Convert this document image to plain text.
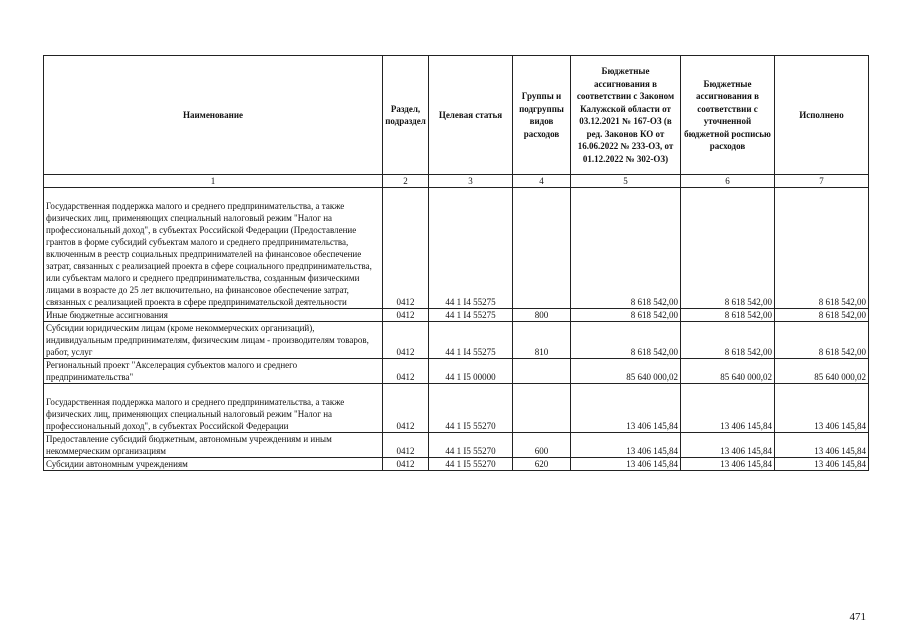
Наименование	Раздел, подраздел	Целевая статья	Группы и подгруппы видов расходов	Бюджетные ассигнования в соответствии с Законом Калужской области от 03.12.2021 № 167-ОЗ (в ред. Законов КО от 16.06.2022 № 233-ОЗ, от 01.12.2022 № 302-ОЗ)	Бюджетные ассигнования в соответствии с уточненной бюджетной росписью расходов	Исполнено
1	2	3	4	5	6	7

Государственная поддержка малого и среднего предпринимательства, а также физических лиц, применяющих специальный налоговый режим "Налог на профессиональный доход", в субъектах Российской Федерации (Предоставление грантов в форме субсидий субъектам малого и среднего предпринимательства, включенным в реестр социальных предпринимателей на финансовое обеспечение затрат, связанных с реализацией проекта в сфере социального предпринимательства, или субъектам малого и среднего предпринимательства, созданным физическими лицами в возрасте до 25 лет включительно, на финансовое обеспечение затрат, связанных с реализацией проекта в сфере предпринимательской деятельности	0412	44 1 I4 55275		8 618 542,00	8 618 542,00	8 618 542,00
Иные бюджетные ассигнования	0412	44 1 I4 55275	800	8 618 542,00	8 618 542,00	8 618 542,00
Субсидии юридическим лицам (кроме некоммерческих организаций), индивидуальным предпринимателям, физическим лицам - производителям товаров, работ, услуг	0412	44 1 I4 55275	810	8 618 542,00	8 618 542,00	8 618 542,00
Региональный проект "Акселерация субъектов малого и среднего предпринимательства"	0412	44 1 I5 00000		85 640 000,02	85 640 000,02	85 640 000,02

Государственная поддержка малого и среднего предпринимательства, а также физических лиц, применяющих специальный налоговый режим "Налог на профессиональный доход", в субъектах Российской Федерации	0412	44 1 I5 55270		13 406 145,84	13 406 145,84	13 406 145,84
Предоставление субсидий бюджетным, автономным учреждениям и иным некоммерческим организациям	0412	44 1 I5 55270	600	13 406 145,84	13 406 145,84	13 406 145,84
Субсидии автономным учреждениям	0412	44 1 I5 55270	620	13 406 145,84	13 406 145,84	13 406 145,84
471
